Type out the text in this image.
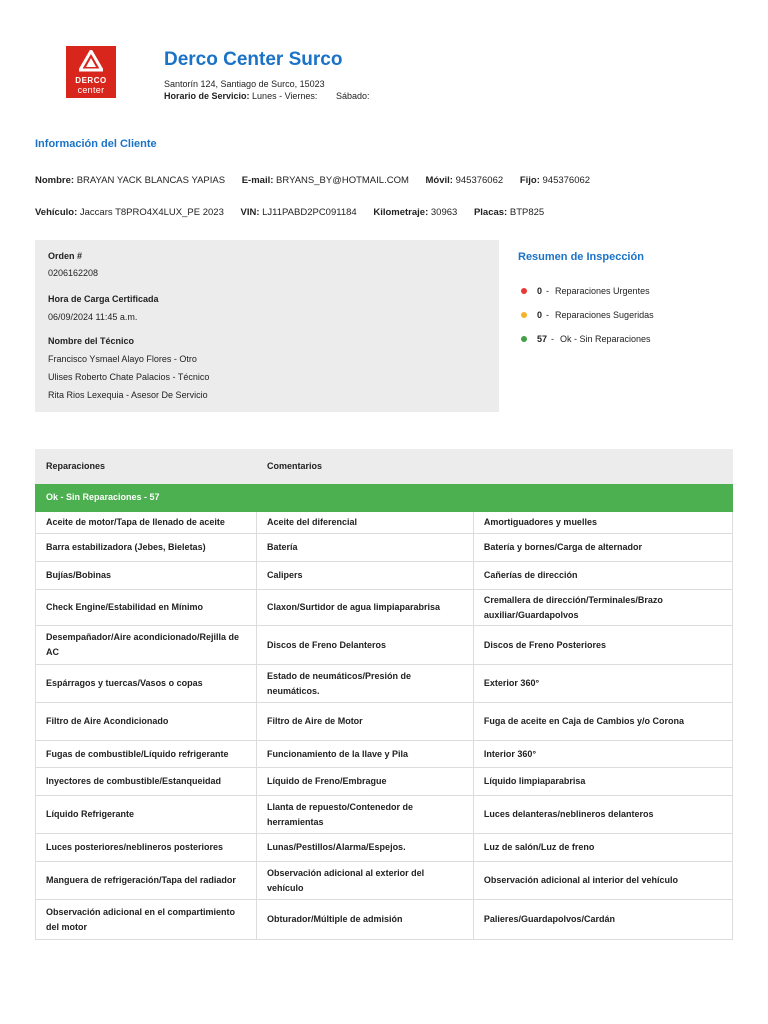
DERCO
center
Derco Center Surco
Santorín 124, Santiago de Surco, 15023
Horario de Servicio: Lunes - Viernes: Sábado:
Información del Cliente
Nombre: BRAYAN YACK BLANCAS YAPIAS E-mail: BRYANS_BY@HOTMAIL.COM Móvil: 945376062 Fijo: 945376062
Vehículo: Jaccars T8PRO4X4LUX_PE 2023 VIN: LJ11PABD2PC091184 Kilometraje: 30963 Placas: BTP825
Orden #
0206162208
Hora de Carga Certificada
06/09/2024 11:45 a.m.
Nombre del Técnico
Francisco Ysmael Alayo Flores - Otro
Ulises Roberto Chate Palacios - Técnico
Rita Rios Lexequia - Asesor De Servicio
Resumen de Inspección
0 - Reparaciones Urgentes
0 - Reparaciones Sugeridas
57 - Ok - Sin Reparaciones
Reparaciones	Comentarios	
Ok - Sin Reparaciones - 57		
Aceite de motor/Tapa de llenado de aceite	Aceite del diferencial	Amortiguadores y muelles
Barra estabilizadora (Jebes, Bieletas)	Batería	Batería y bornes/Carga de alternador
Bujías/Bobinas	Calipers	Cañerías de dirección
Check Engine/Estabilidad en Mínimo	Claxon/Surtidor de agua limpiaparabrisa	Cremallera de dirección/Terminales/Brazo auxiliar/Guardapolvos
Desempañador/Aire acondicionado/Rejilla de AC	Discos de Freno Delanteros	Discos de Freno Posteriores
Espárragos y tuercas/Vasos o copas	Estado de neumáticos/Presión de neumáticos.	Exterior 360°
Filtro de Aire Acondicionado	Filtro de Aire de Motor	Fuga de aceite en Caja de Cambios y/o Corona
Fugas de combustible/Líquido refrigerante	Funcionamiento de la llave y Pila	Interior 360°
Inyectores de combustible/Estanqueidad	Líquido de Freno/Embrague	Líquido limpiaparabrisa
Líquido Refrigerante	Llanta de repuesto/Contenedor de herramientas	Luces delanteras/neblineros delanteros
Luces posteriores/neblineros posteriores	Lunas/Pestillos/Alarma/Espejos.	Luz de salón/Luz de freno
Manguera de refrigeración/Tapa del radiador	Observación adicional al exterior del vehículo	Observación adicional al interior del vehículo
Observación adicional en el compartimiento del motor	Obturador/Múltiple de admisión	Palieres/Guardapolvos/Cardán
